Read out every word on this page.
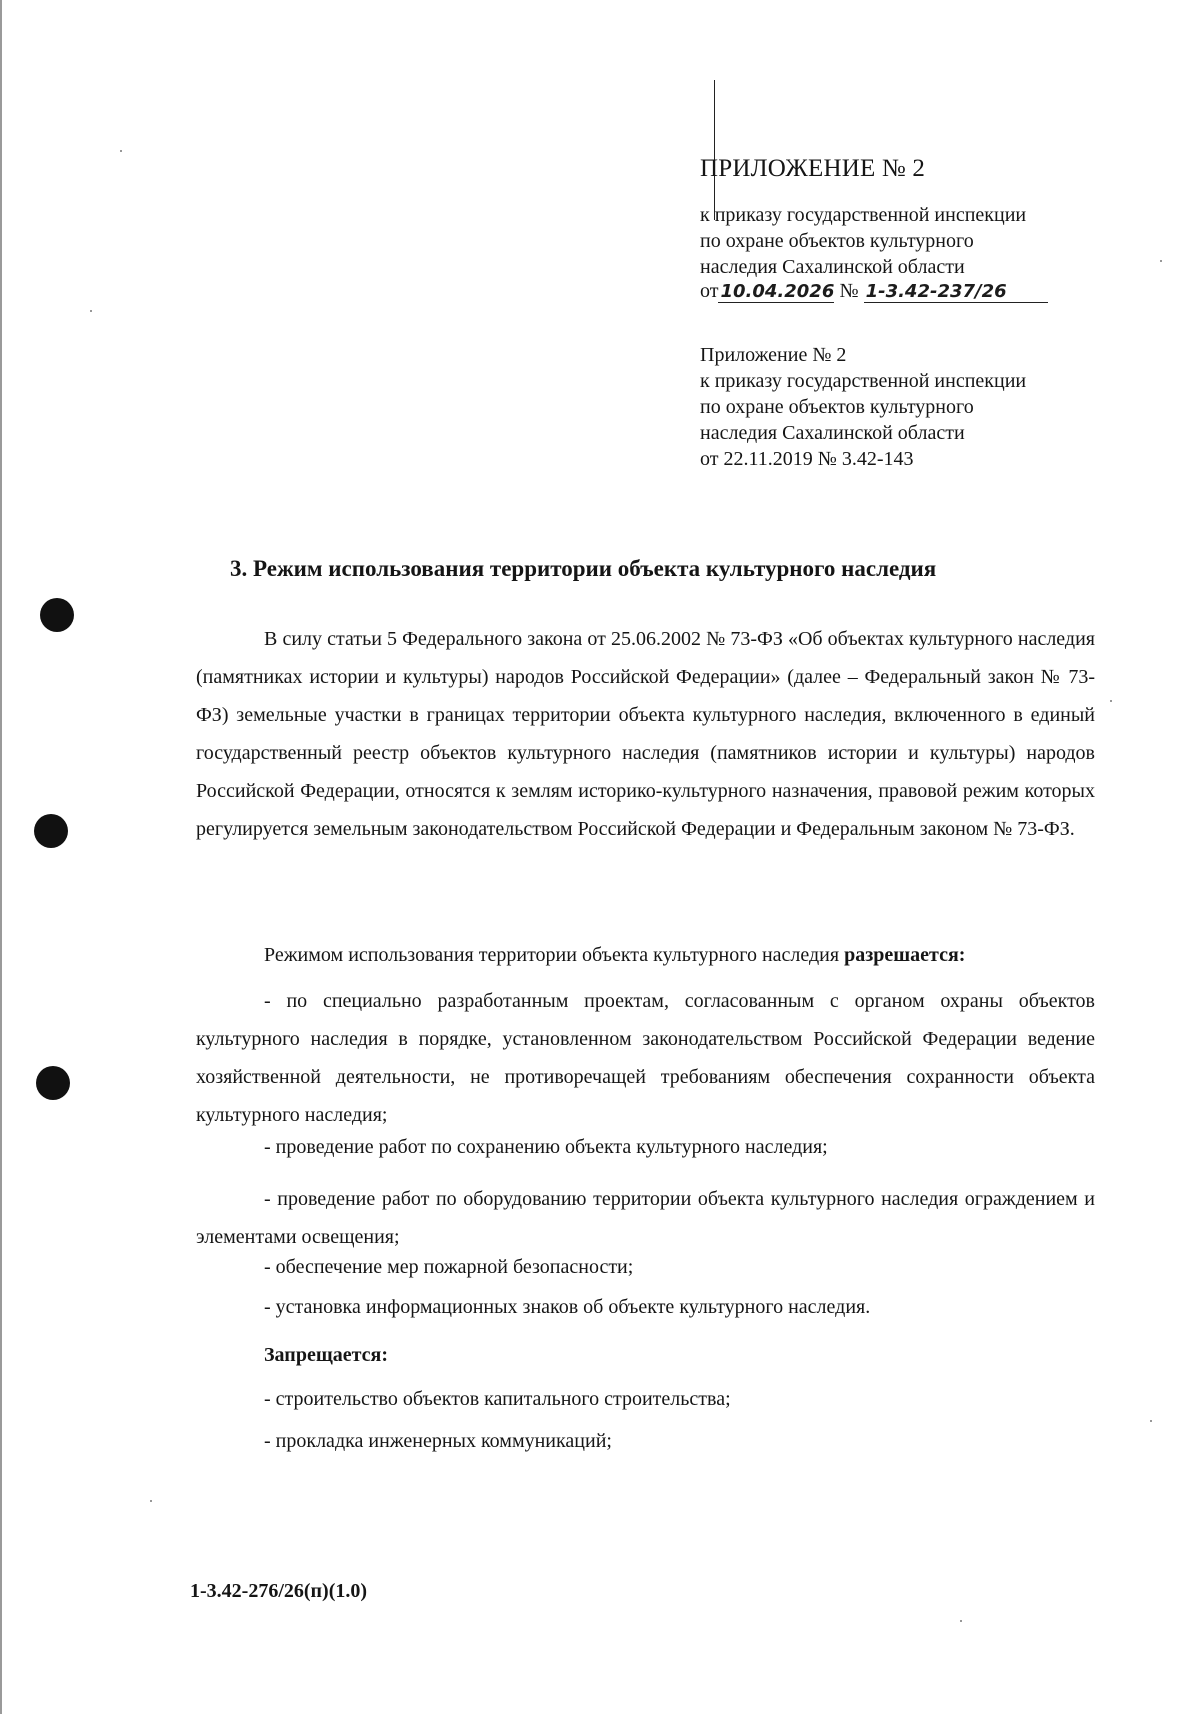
ПРИЛОЖЕНИЕ № 2
к приказу государственной инспекции
по охране объектов культурного
наследия Сахалинской области
от 10.04.2026 № 1-3.42-237/26
Приложение № 2
к приказу государственной инспекции
по охране объектов культурного
наследия Сахалинской области
от 22.11.2019 № 3.42-143
3. Режим использования территории объекта культурного наследия
В силу статьи 5 Федерального закона от 25.06.2002 № 73-ФЗ «Об объектах культурного наследия (памятниках истории и культуры) народов Российской Федерации» (далее – Федеральный закон № 73-ФЗ) земельные участки в границах территории объекта культурного наследия, включенного в единый государственный реестр объектов культурного наследия (памятников истории и культуры) народов Российской Федерации, относятся к землям историко-культурного назначения, правовой режим которых регулируется земельным законодательством Российской Федерации и Федеральным законом № 73-ФЗ.
Режимом использования территории объекта культурного наследия разрешается:
- по специально разработанным проектам, согласованным с органом охраны объектов культурного наследия в порядке, установленном законодательством Российской Федерации ведение хозяйственной деятельности, не противоречащей требованиям обеспечения сохранности объекта культурного наследия;
- проведение работ по сохранению объекта культурного наследия;
- проведение работ по оборудованию территории объекта культурного наследия ограждением и элементами освещения;
- обеспечение мер пожарной безопасности;
- установка информационных знаков об объекте культурного наследия.
Запрещается:
- строительство объектов капитального строительства;
- прокладка инженерных коммуникаций;
1-3.42-276/26(п)(1.0)
